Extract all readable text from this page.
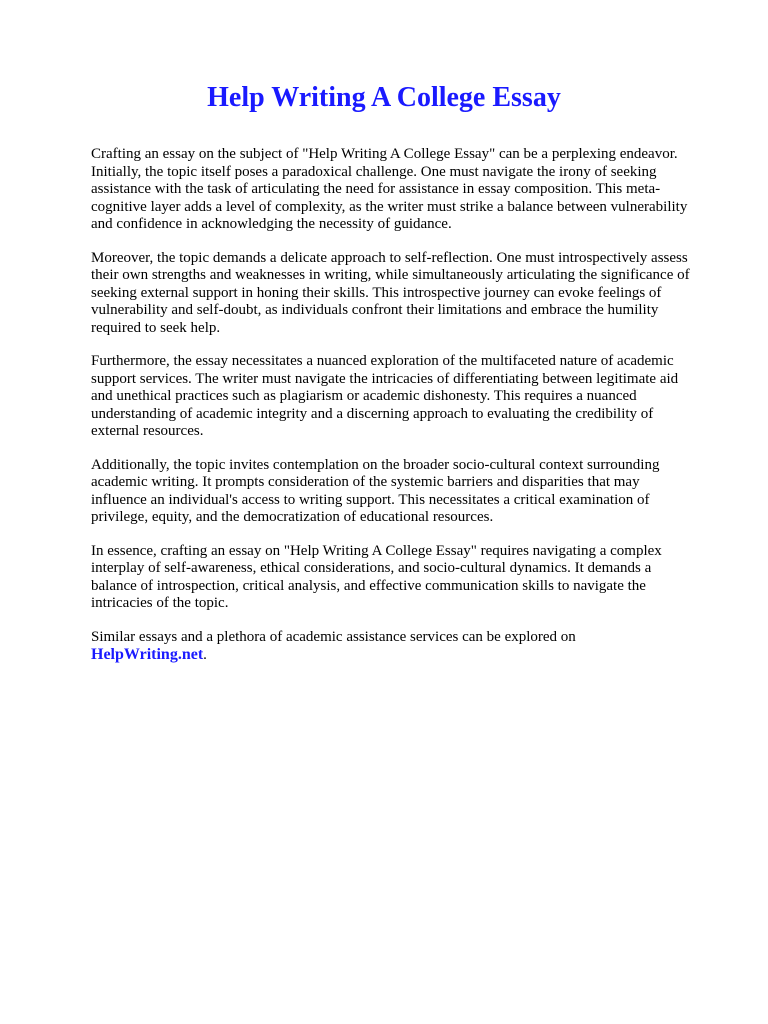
Help Writing A College Essay

Crafting an essay on the subject of "Help Writing A College Essay" can be a perplexing endeavor. Initially, the topic itself poses a paradoxical challenge. One must navigate the irony of seeking assistance with the task of articulating the need for assistance in essay composition. This meta-cognitive layer adds a level of complexity, as the writer must strike a balance between vulnerability and confidence in acknowledging the necessity of guidance.

Moreover, the topic demands a delicate approach to self-reflection. One must introspectively assess their own strengths and weaknesses in writing, while simultaneously articulating the significance of seeking external support in honing their skills. This introspective journey can evoke feelings of vulnerability and self-doubt, as individuals confront their limitations and embrace the humility required to seek help.

Furthermore, the essay necessitates a nuanced exploration of the multifaceted nature of academic support services. The writer must navigate the intricacies of differentiating between legitimate aid and unethical practices such as plagiarism or academic dishonesty. This requires a nuanced understanding of academic integrity and a discerning approach to evaluating the credibility of external resources.

Additionally, the topic invites contemplation on the broader socio-cultural context surrounding academic writing. It prompts consideration of the systemic barriers and disparities that may influence an individual's access to writing support. This necessitates a critical examination of privilege, equity, and the democratization of educational resources.

In essence, crafting an essay on "Help Writing A College Essay" requires navigating a complex interplay of self-awareness, ethical considerations, and socio-cultural dynamics. It demands a balance of introspection, critical analysis, and effective communication skills to navigate the intricacies of the topic.

Similar essays and a plethora of academic assistance services can be explored on HelpWriting.net.
